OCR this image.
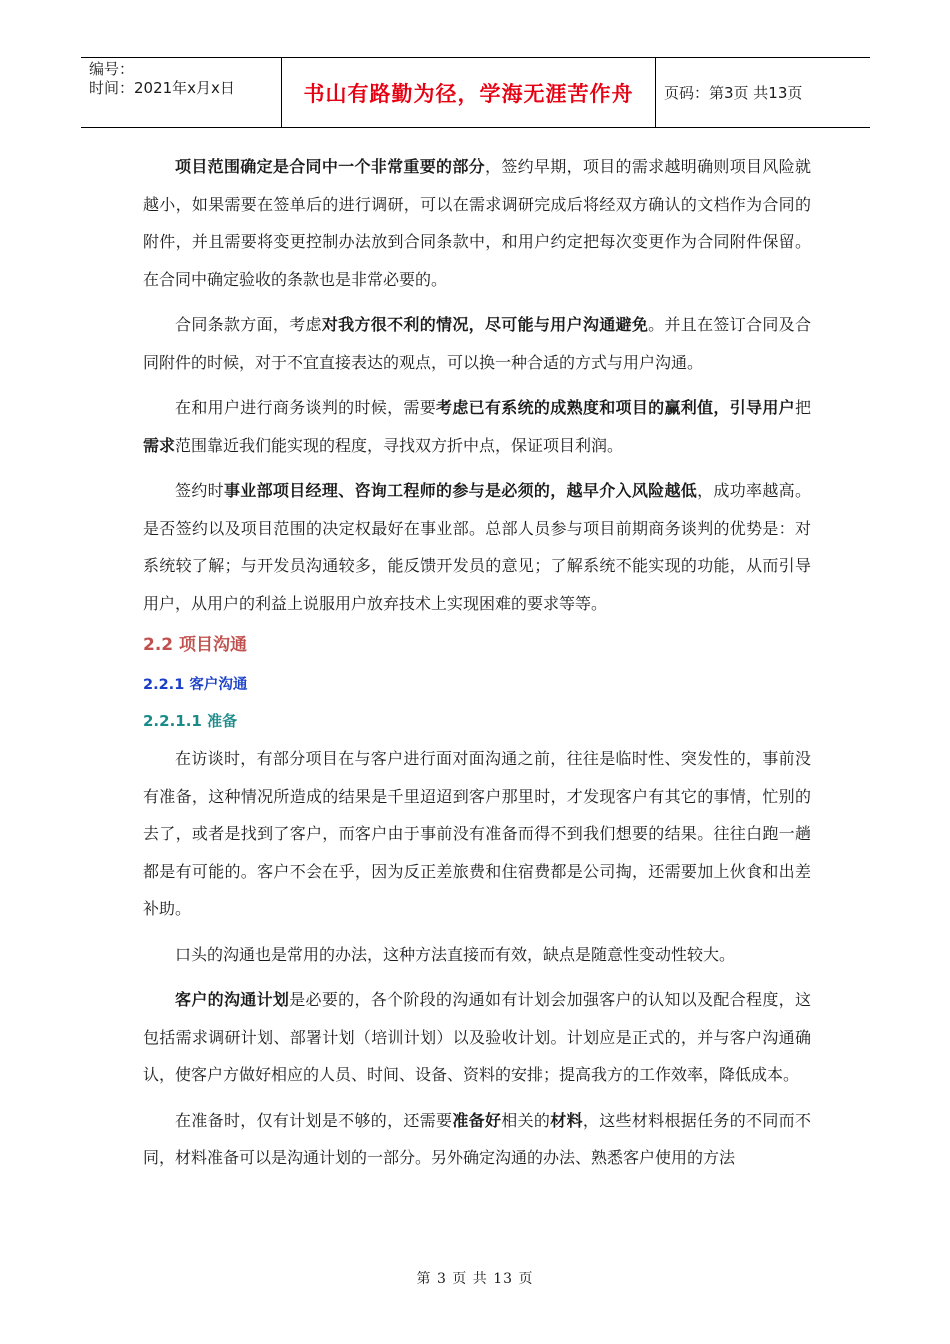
编号：
时间：2021年x月x日	书山有路勤为径，学海无涯苦作舟 页码：第3页 共13页

项目范围确定是合同中一个非常重要的部分，签约早期，项目的需求越明确则项目风险就越小，如果需要在签单后的进行调研，可以在需求调研完成后将经双方确认的文档作为合同的附件，并且需要将变更控制办法放到合同条款中，和用户约定把每次变更作为合同附件保留。在合同中确定验收的条款也是非常必要的。

合同条款方面，考虑对我方很不利的情况，尽可能与用户沟通避免。并且在签订合同及合同附件的时候，对于不宜直接表达的观点，可以换一种合适的方式与用户沟通。

在和用户进行商务谈判的时候，需要考虑已有系统的成熟度和项目的赢利值，引导用户把需求范围靠近我们能实现的程度，寻找双方折中点，保证项目利润。

签约时事业部项目经理、咨询工程师的参与是必须的，越早介入风险越低，成功率越高。是否签约以及项目范围的决定权最好在事业部。总部人员参与项目前期商务谈判的优势是：对系统较了解；与开发员沟通较多，能反馈开发员的意见；了解系统不能实现的功能，从而引导用户，从用户的利益上说服用户放弃技术上实现困难的要求等等。

2.2 项目沟通
2.2.1 客户沟通
2.2.1.1 准备

在访谈时，有部分项目在与客户进行面对面沟通之前，往往是临时性、突发性的，事前没有准备，这种情况所造成的结果是千里迢迢到客户那里时，才发现客户有其它的事情，忙别的去了，或者是找到了客户，而客户由于事前没有准备而得不到我们想要的结果。往往白跑一趟都是有可能的。客户不会在乎，因为反正差旅费和住宿费都是公司掏，还需要加上伙食和出差补助。

口头的沟通也是常用的办法，这种方法直接而有效，缺点是随意性变动性较大。

客户的沟通计划是必要的，各个阶段的沟通如有计划会加强客户的认知以及配合程度，这包括需求调研计划、部署计划（培训计划）以及验收计划。计划应是正式的，并与客户沟通确认，使客户方做好相应的人员、时间、设备、资料的安排；提高我方的工作效率，降低成本。

在准备时，仅有计划是不够的，还需要准备好相关的材料，这些材料根据任务的不同而不同，材料准备可以是沟通计划的一部分。另外确定沟通的办法、熟悉客户使用的方法

第 3 页 共 13 页
